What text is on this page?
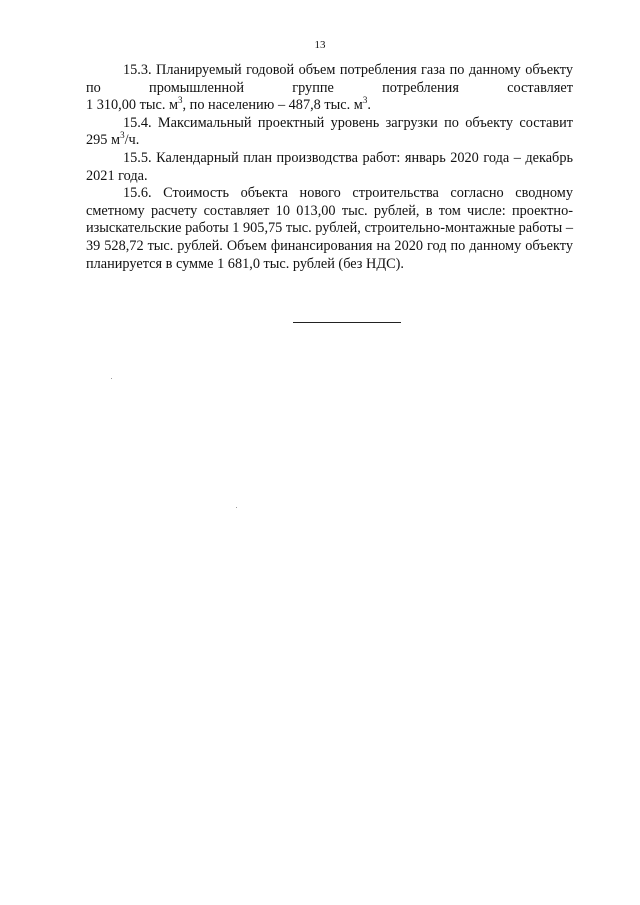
13

15.3. Планируемый годовой объем потребления газа по данному объекту по промышленной группе потребления составляет

1 310,00 тыс. $м^3$, по населению – 487,8 тыс. $м^3$.

15.4. Максимальный проектный уровень загрузки по объекту составит 295 $м^3/ч$.

15.5. Календарный план производства работ: январь 2020 года – декабрь 2021 года.

15.6. Стоимость объекта нового строительства согласно сводному сметному расчету составляет 10 013,00 тыс. рублей, в том числе: проектно-изыскательские работы 1 905,75 тыс. рублей, строительно-монтажные работы – 39 528,72 тыс. рублей. Объем финансирования на 2020 год по данному объекту планируется в сумме 1 681,0 тыс. рублей (без НДС).
